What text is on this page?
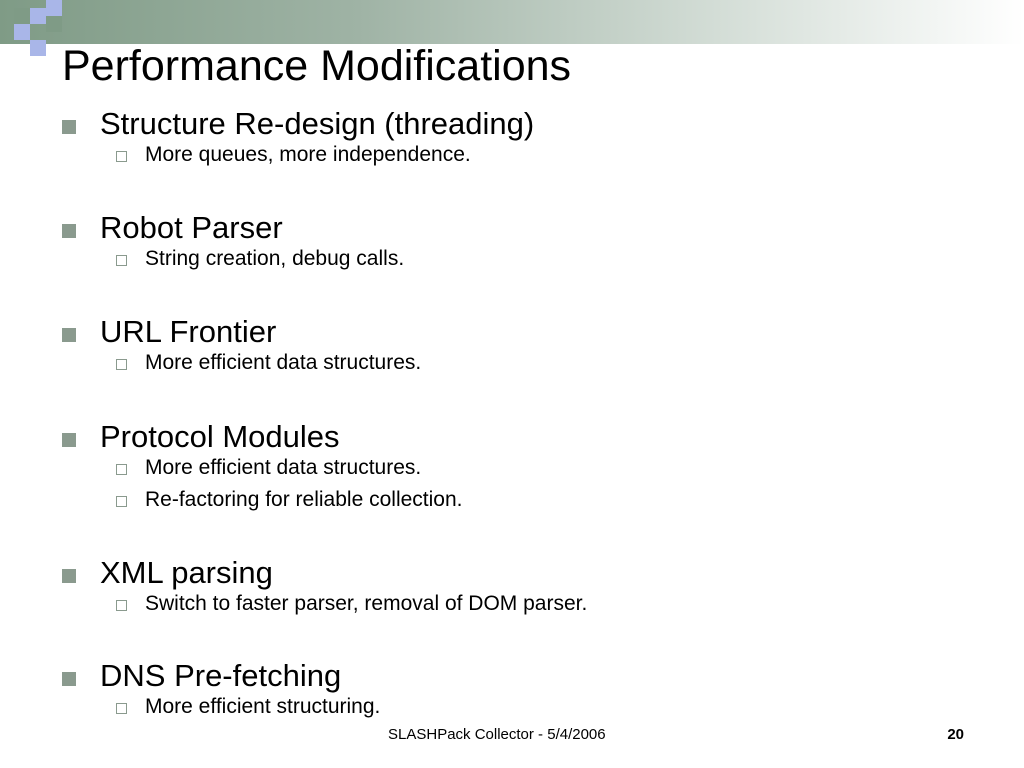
Performance Modifications
Structure Re-design (threading)
More queues, more independence.
Robot Parser
String creation, debug calls.
URL Frontier
More efficient data structures.
Protocol Modules
More efficient data structures.
Re-factoring for reliable collection.
XML parsing
Switch to faster parser, removal of DOM parser.
DNS Pre-fetching
More efficient structuring.
SLASHPack Collector - 5/4/2006	20
